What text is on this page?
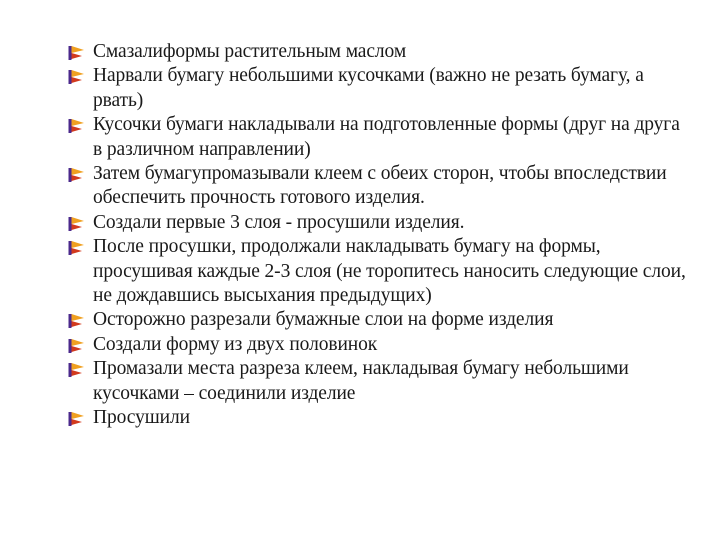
Смазалиформы растительным маслом
Нарвали бумагу небольшими кусочками (важно не резать бумагу, а рвать)
Кусочки бумаги накладывали на подготовленные формы (друг на друга в различном направлении)
Затем бумагупромазывали клеем с обеих сторон, чтобы впоследствии обеспечить прочность готового изделия.
Создали первые 3 слоя - просушили изделия.
После просушки, продолжали накладывать бумагу на формы, просушивая каждые 2-3 слоя (не торопитесь наносить следующие слои, не дождавшись высыхания предыдущих)
Осторожно разрезали бумажные слои на форме изделия
Создали форму из двух половинок
Промазали места разреза клеем, накладывая бумагу небольшими кусочками – соединили изделие
Просушили
